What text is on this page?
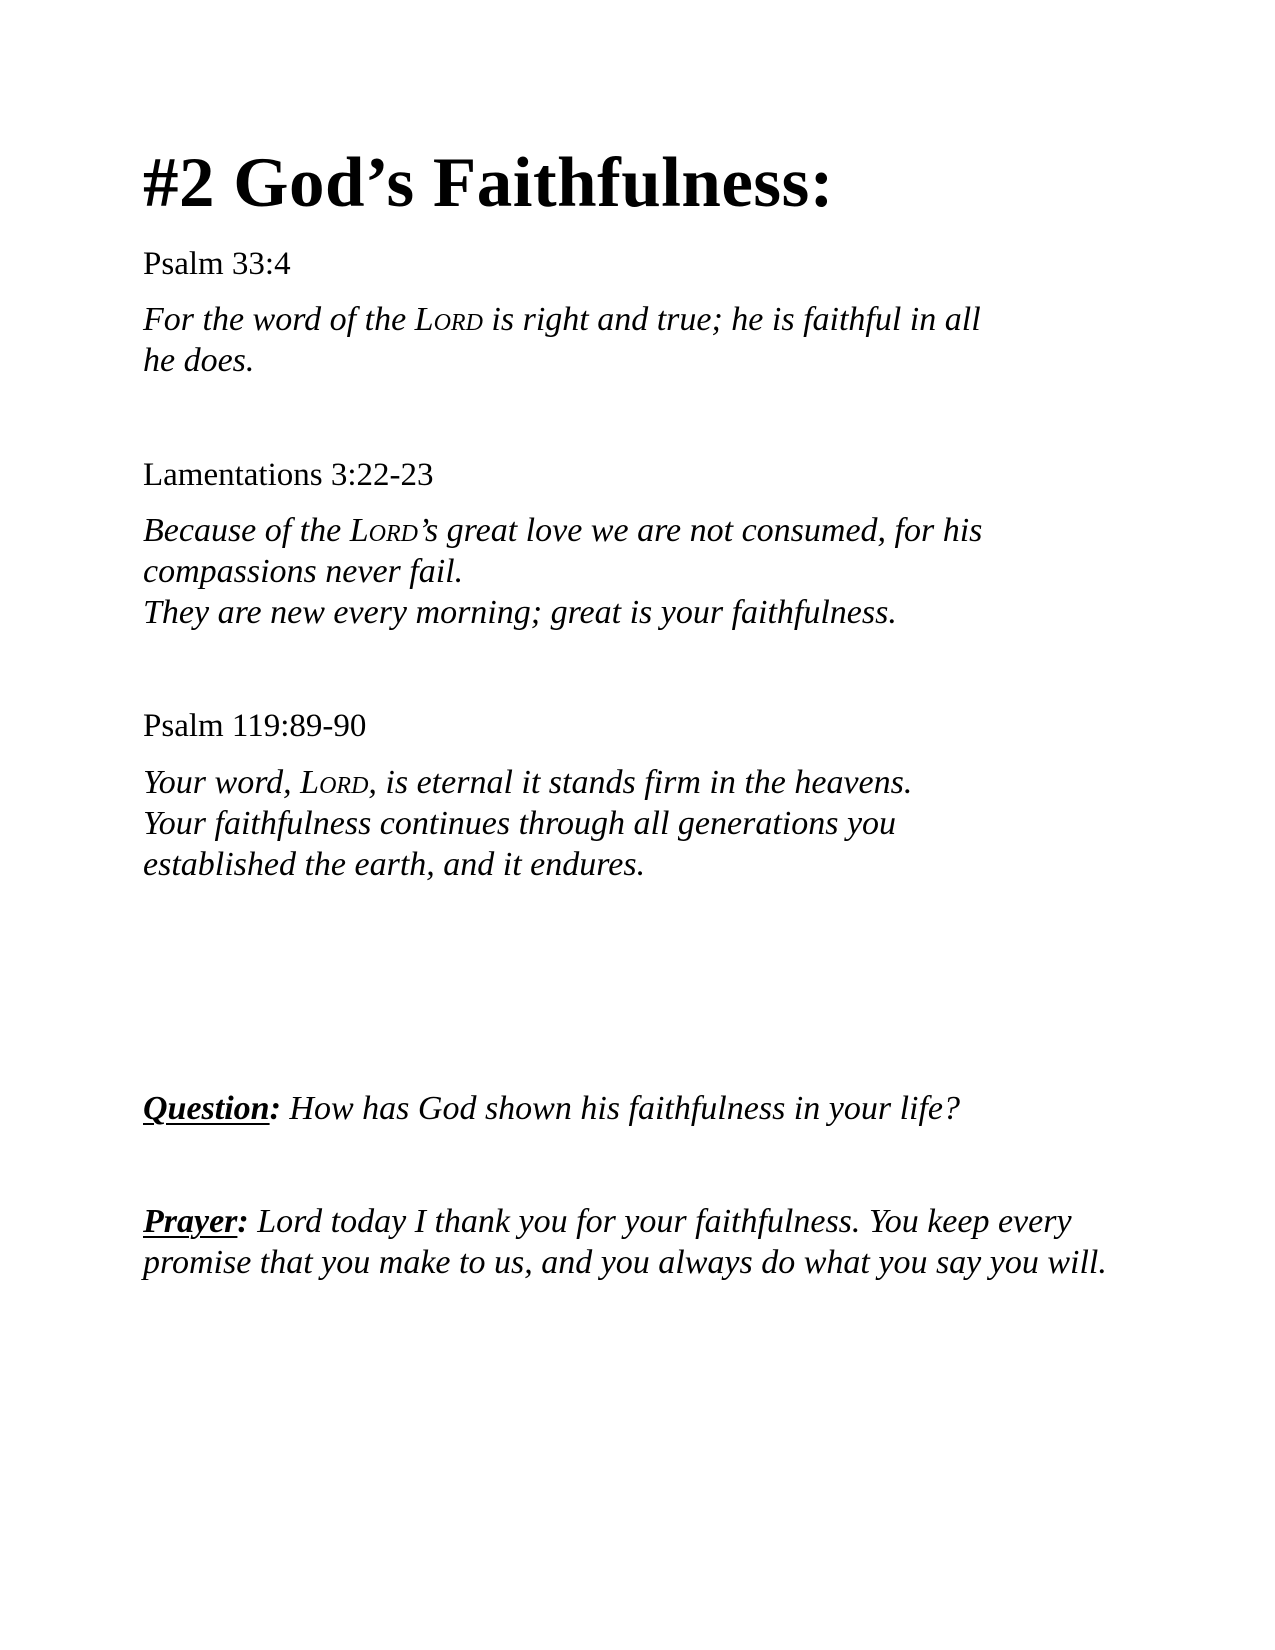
#2 God’s Faithfulness:

Psalm 33:4

For the word of the Lord is right and true; he is faithful in all
he does.

Lamentations 3:22-23

Because of the Lord’s great love we are not consumed, for his
compassions never fail.
They are new every morning; great is your faithfulness.

Psalm 119:89-90

Your word, Lord, is eternal it stands firm in the heavens.
Your faithfulness continues through all generations you
established the earth, and it endures.

Question: How has God shown his faithfulness in your life?

Prayer: Lord today I thank you for your faithfulness. You keep every promise that you make to us, and you always do what you say you will.
